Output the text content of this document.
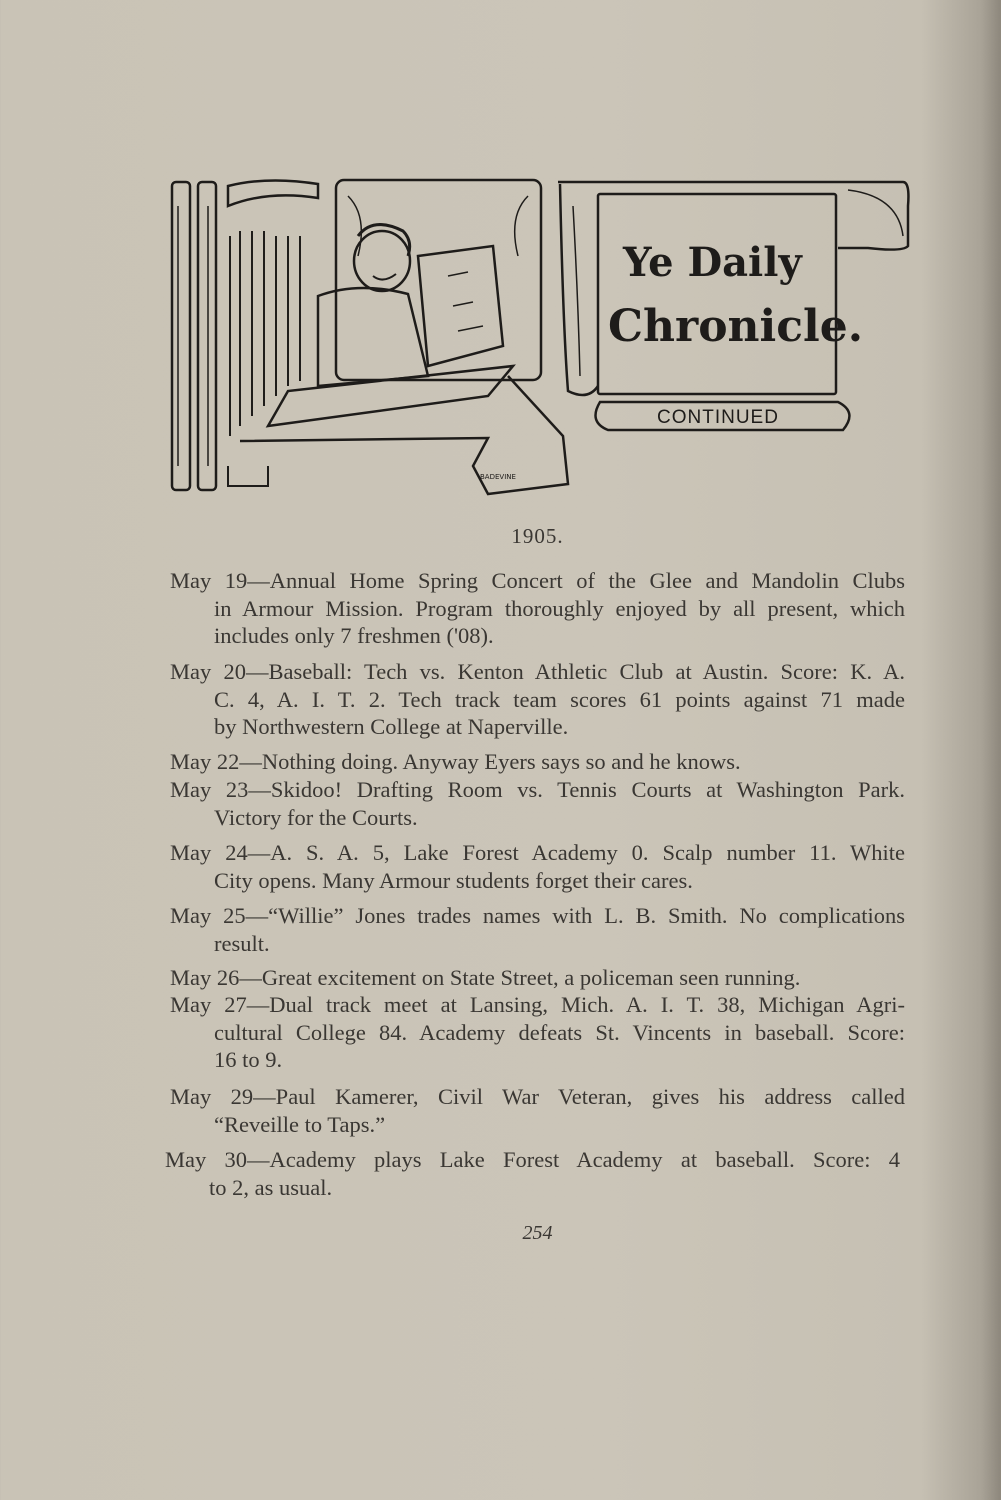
BADEVINE
Ye Daily
Chronicle.
CONTINUED
1905.
May 19—Annual Home Spring Concert of the Glee and Mandolin Clubs
in Armour Mission. Program thoroughly enjoyed by all present, which
includes only 7 freshmen ('08).
May 20—Baseball: Tech vs. Kenton Athletic Club at Austin. Score: K. A.
C. 4, A. I. T. 2. Tech track team scores 61 points against 71 made
by Northwestern College at Naperville.
May 22—Nothing doing. Anyway Eyers says so and he knows.
May 23—Skidoo! Drafting Room vs. Tennis Courts at Washington Park.
Victory for the Courts.
May 24—A. S. A. 5, Lake Forest Academy 0. Scalp number 11. White
City opens. Many Armour students forget their cares.
May 25—“Willie” Jones trades names with L. B. Smith. No complications
result.
May 26—Great excitement on State Street, a policeman seen running.
May 27—Dual track meet at Lansing, Mich. A. I. T. 38, Michigan Agri-
cultural College 84. Academy defeats St. Vincents in baseball. Score:
16 to 9.
May 29—Paul Kamerer, Civil War Veteran, gives his address called
“Reveille to Taps.”
May 30—Academy plays Lake Forest Academy at baseball. Score: 4
to 2, as usual.
254
